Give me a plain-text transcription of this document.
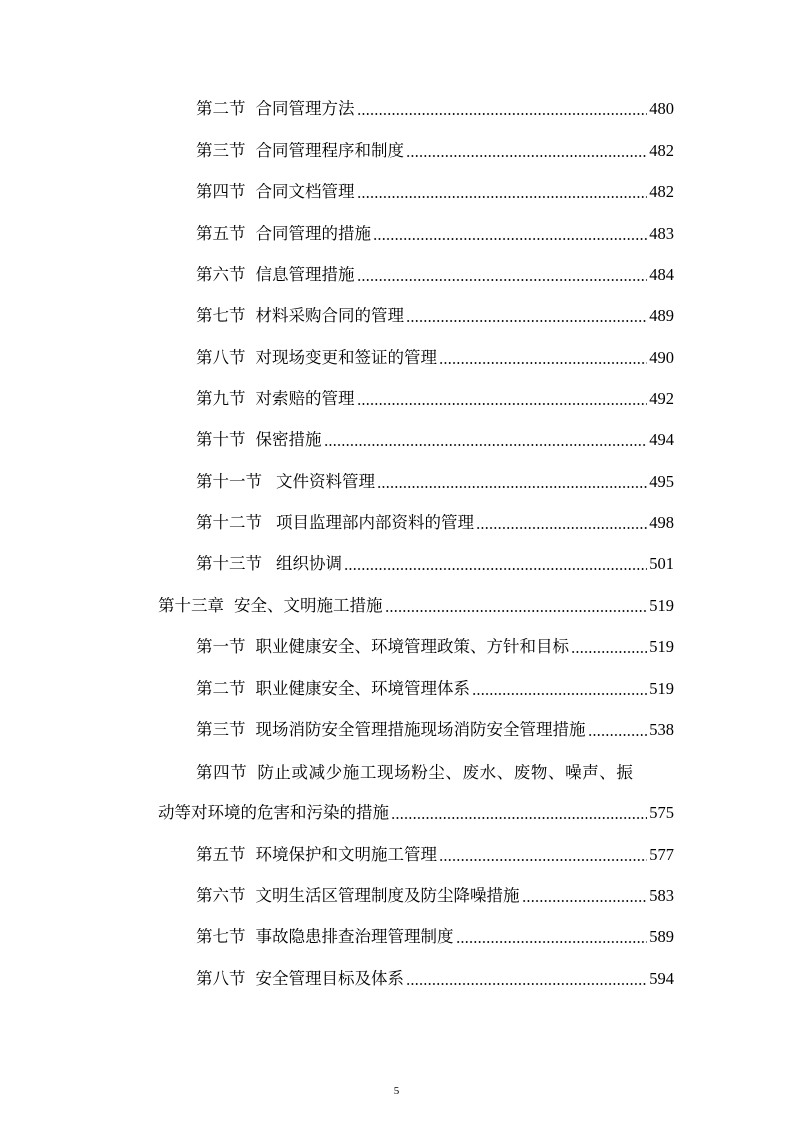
第二节 合同管理方法	480
第三节 合同管理程序和制度	482
第四节 合同文档管理	482
第五节 合同管理的措施	483
第六节 信息管理措施	484
第七节 材料采购合同的管理	489
第八节 对现场变更和签证的管理	490
第九节 对索赔的管理	492
第十节 保密措施	494
第十一节 文件资料管理	495
第十二节 项目监理部内部资料的管理	498
第十三节 组织协调	501
第十三章 安全、文明施工措施	519
第一节 职业健康安全、环境管理政策、方针和目标	519
第二节 职业健康安全、环境管理体系	519
第三节 现场消防安全管理措施现场消防安全管理措施	538
第四节 防止或减少施工现场粉尘、废水、废物、噪声、振
动等对环境的危害和污染的措施	575
第五节 环境保护和文明施工管理	577
第六节 文明生活区管理制度及防尘降噪措施	583
第七节 事故隐患排查治理管理制度	589
第八节 安全管理目标及体系	594
5
